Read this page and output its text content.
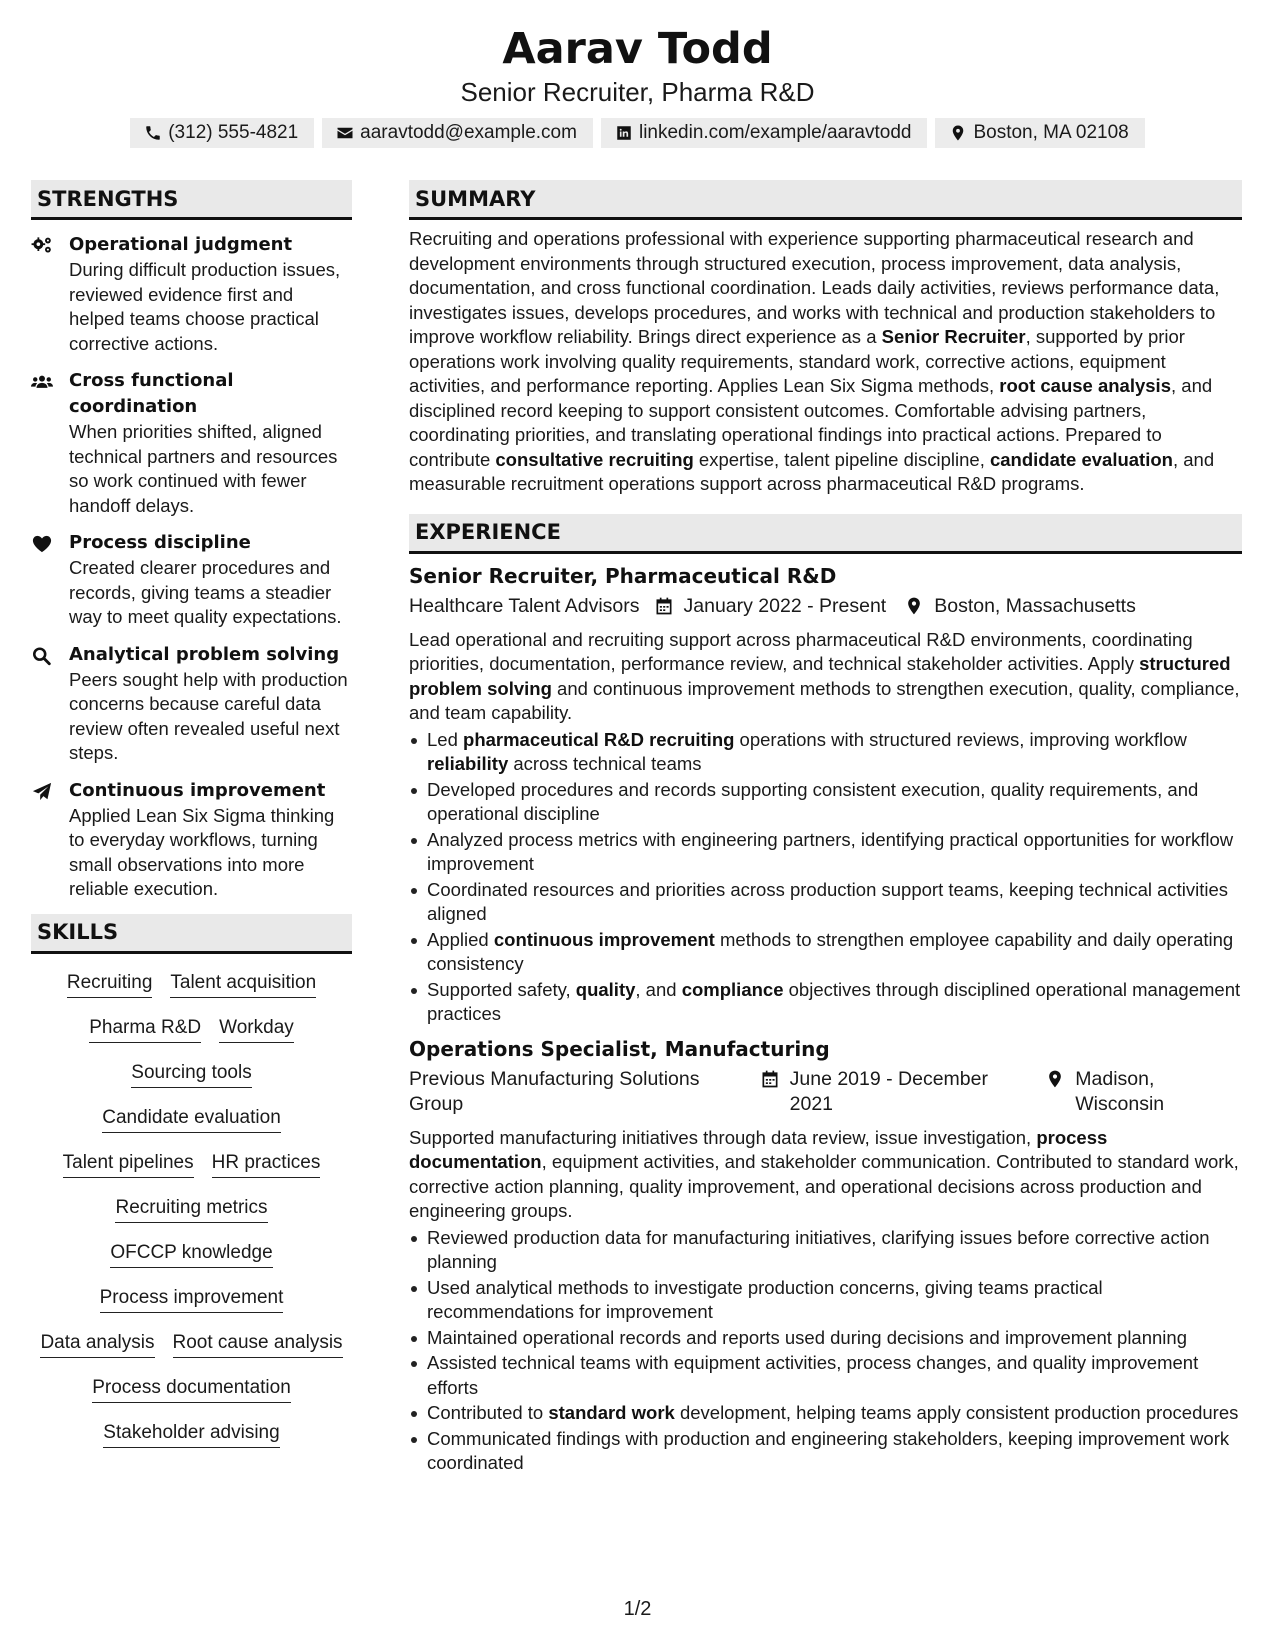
Aarav Todd
Senior Recruiter, Pharma R&D
(312) 555-4821	aaravtodd@example.com	linkedin.com/example/aaravtodd	Boston, MA 02108
STRENGTHS
Operational judgment
During difficult production issues, reviewed evidence first and helped teams choose practical corrective actions.
Cross functional coordination
When priorities shifted, aligned technical partners and resources so work continued with fewer handoff delays.
Process discipline
Created clearer procedures and records, giving teams a steadier way to meet quality expectations.
Analytical problem solving
Peers sought help with production concerns because careful data review often revealed useful next steps.
Continuous improvement
Applied Lean Six Sigma thinking to everyday workflows, turning small observations into more reliable execution.
SKILLS
Recruiting Talent acquisition
Pharma R&D Workday
Sourcing tools
Candidate evaluation
Talent pipelines HR practices
Recruiting metrics
OFCCP knowledge
Process improvement
Data analysis Root cause analysis
Process documentation
Stakeholder advising
SUMMARY
Recruiting and operations professional with experience supporting pharmaceutical research and development environments through structured execution, process improvement, data analysis, documentation, and cross functional coordination. Leads daily activities, reviews performance data, investigates issues, develops procedures, and works with technical and production stakeholders to improve workflow reliability. Brings direct experience as a Senior Recruiter, supported by prior operations work involving quality requirements, standard work, corrective actions, equipment activities, and performance reporting. Applies Lean Six Sigma methods, root cause analysis, and disciplined record keeping to support consistent outcomes. Comfortable advising partners, coordinating priorities, and translating operational findings into practical actions. Prepared to contribute consultative recruiting expertise, talent pipeline discipline, candidate evaluation, and measurable recruitment operations support across pharmaceutical R&D programs.
EXPERIENCE
Senior Recruiter, Pharmaceutical R&D
Healthcare Talent Advisors January 2022 - Present Boston, Massachusetts
Lead operational and recruiting support across pharmaceutical R&D environments, coordinating priorities, documentation, performance review, and technical stakeholder activities. Apply structured problem solving and continuous improvement methods to strengthen execution, quality, compliance, and team capability.
Led pharmaceutical R&D recruiting operations with structured reviews, improving workflow reliability across technical teams
Developed procedures and records supporting consistent execution, quality requirements, and operational discipline
Analyzed process metrics with engineering partners, identifying practical opportunities for workflow improvement
Coordinated resources and priorities across production support teams, keeping technical activities aligned
Applied continuous improvement methods to strengthen employee capability and daily operating consistency
Supported safety, quality, and compliance objectives through disciplined operational management practices
Operations Specialist, Manufacturing
Previous Manufacturing Solutions Group
June 2019 - December 2021
Madison, Wisconsin
Supported manufacturing initiatives through data review, issue investigation, process documentation, equipment activities, and stakeholder communication. Contributed to standard work, corrective action planning, quality improvement, and operational decisions across production and engineering groups.
Reviewed production data for manufacturing initiatives, clarifying issues before corrective action planning
Used analytical methods to investigate production concerns, giving teams practical recommendations for improvement
Maintained operational records and reports used during decisions and improvement planning
Assisted technical teams with equipment activities, process changes, and quality improvement efforts
Contributed to standard work development, helping teams apply consistent production procedures
Communicated findings with production and engineering stakeholders, keeping improvement work coordinated
1/2
